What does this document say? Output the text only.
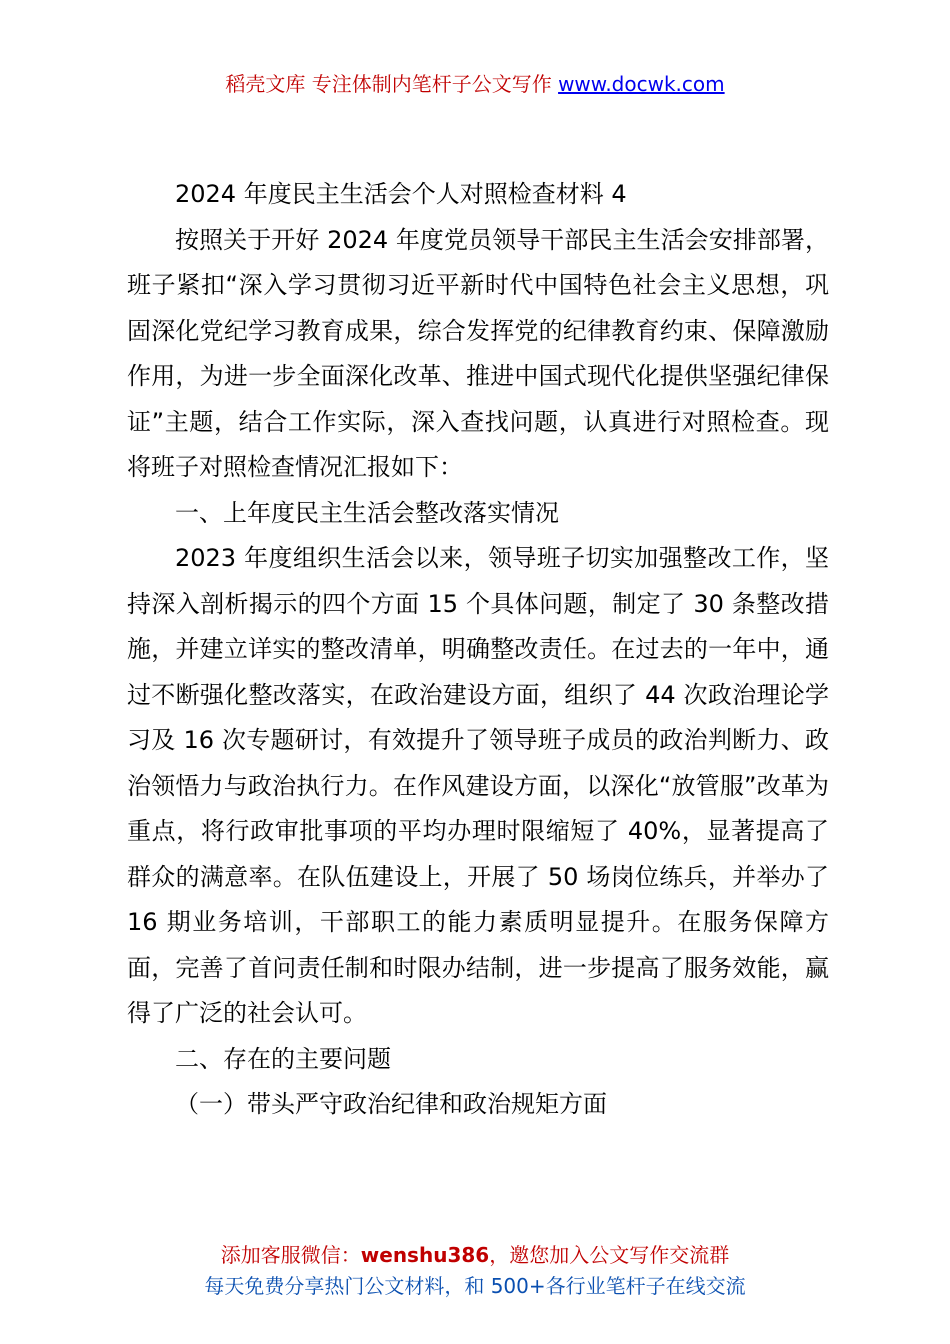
稻壳文库 专注体制内笔杆子公文写作 www.docwk.com

2024 年度民主生活会个人对照检查材料 4

按照关于开好 2024 年度党员领导干部民主生活会安排部署，班子紧扣“深入学习贯彻习近平新时代中国特色社会主义思想，巩固深化党纪学习教育成果，综合发挥党的纪律教育约束、保障激励作用，为进一步全面深化改革、推进中国式现代化提供坚强纪律保证”主题，结合工作实际，深入查找问题，认真进行对照检查。现将班子对照检查情况汇报如下：

一、上年度民主生活会整改落实情况

2023 年度组织生活会以来，领导班子切实加强整改工作，坚持深入剖析揭示的四个方面 15 个具体问题，制定了 30 条整改措施，并建立详实的整改清单，明确整改责任。在过去的一年中，通过不断强化整改落实，在政治建设方面，组织了 44 次政治理论学习及 16 次专题研讨，有效提升了领导班子成员的政治判断力、政治领悟力与政治执行力。在作风建设方面，以深化“放管服”改革为重点，将行政审批事项的平均办理时限缩短了 40%，显著提高了群众的满意率。在队伍建设上，开展了 50 场岗位练兵，并举办了 16 期业务培训，干部职工的能力素质明显提升。在服务保障方面，完善了首问责任制和时限办结制，进一步提高了服务效能，赢得了广泛的社会认可。

二、存在的主要问题

（一）带头严守政治纪律和政治规矩方面

添加客服微信：wenshu386，邀您加入公文写作交流群
每天免费分享热门公文材料，和 500+各行业笔杆子在线交流
